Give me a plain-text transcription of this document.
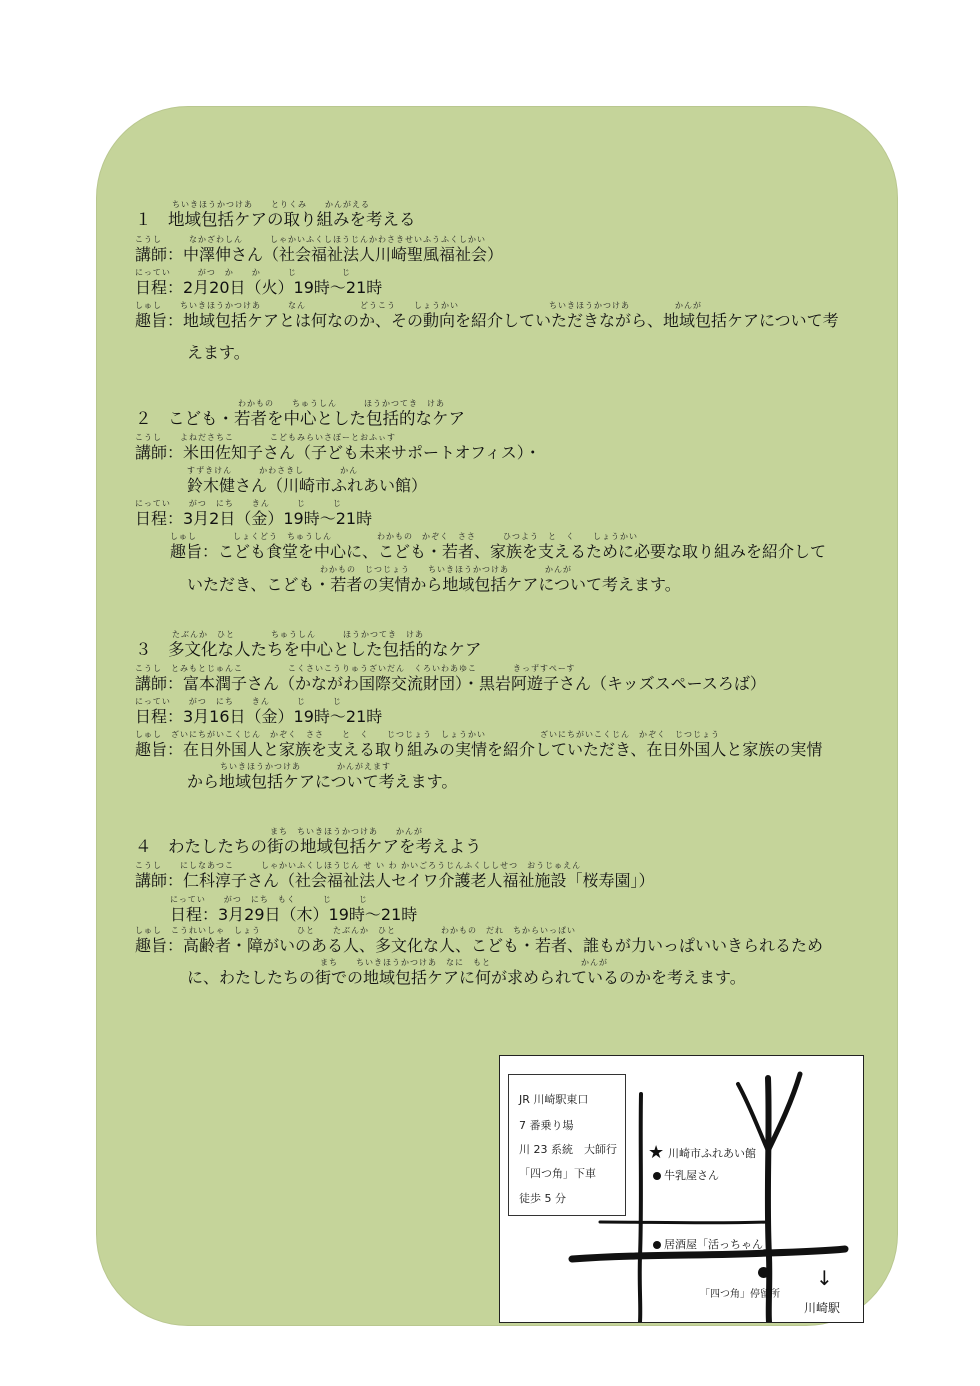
ちいきほうかつけあ　　とりくみ　　かんがえる
１　地域包括ケアの取り組みを考える
こうし　　　なかざわしん　　　しゃかいふくしほうじんかわさきせいふうふくしかい
講師：中澤伸さん（社会福祉法人川崎聖風福祉会）
にってい　　　がつ　か　　か　　　じ　　　　　じ
日程：2月20日（火）19時～21時
しゅし　　ちいきほうかつけあ　　　なん　　　　　　どうこう　　しょうかい　　　　　　　　　　ちいきほうかつけあ　　　　　かんが
趣旨：地域包括ケアとは何なのか、その動向を紹介していただきながら、地域包括ケアについて考
えます。
わかもの　　ちゅうしん　　　ほうかつてき　けあ
２　こども・若者を中心とした包括的なケア
こうし　　よねださちこ　　　　こどもみらいさぽーとおふぃす
講師：米田佐知子さん（子ども未来サポートオフィス）・
すずきけん　　　かわさきし　　　　かん
鈴木健さん（川崎市ふれあい館）
にってい　　がつ　にち　　きん　　　じ　　　じ
日程：3月2日（金）19時～21時
しゅし　　　　しょくどう　ちゅうしん　　　　　わかもの　かぞく　ささ　　　ひつよう　と　く　　しょうかい
趣旨：こども食堂を中心に、こども・若者、家族を支えるために必要な取り組みを紹介して
わかもの　じつじょう　　ちいきほうかつけあ　　　　かんが
いただき、こども・若者の実情から地域包括ケアについて考えます。
たぶんか　ひと　　　　ちゅうしん　　　ほうかつてき　けあ
３　多文化な人たちを中心とした包括的なケア
こうし　とみもとじゅんこ　　　　　こくさいこうりゅうざいだん　くろいわあゆこ　　　　きっずすぺーす
講師：富本潤子さん（かながわ国際交流財団）・黒岩阿遊子さん（キッズスペースろば）
にってい　　がつ　にち　　きん　　　じ　　　じ
日程：3月16日（金）19時～21時
しゅし　ざいにちがいこくじん　かぞく　ささ　　と　く　　じつじょう　しょうかい　　　　　　ざいにちがいこくじん　かぞく　じつじょう
趣旨：在日外国人と家族を支える取り組みの実情を紹介していただき、在日外国人と家族の実情
ちいきほうかつけあ　　　　かんがえます
から地域包括ケアについて考えます。
まち　ちいきほうかつけあ　　かんが
４　わたしたちの街の地域包括ケアを考えよう
こうし　　にしなあつこ　　　しゃかいふくしほうじん せ い わ かいごろうじんふくししせつ　おうじゅえん
講師：仁科淳子さん（社会福祉法人セイワ介護老人福祉施設「桜寿園」）
にってい　　がつ　にち　もく　　　じ　　　じ
日程：3月29日（木）19時～21時
しゅし　こうれいしゃ　しょう　　　　ひと　　たぶんか　ひと　　　　　わかもの　だれ　ちからいっぱい
趣旨：高齢者・障がいのある人、多文化な人、こども・若者、誰もが力いっぱいいきられるため
まち　　ちいきほうかつけあ　なに　もと　　　　　　　　　　かんが
に、わたしたちの街での地域包括ケアに何が求められているのかを考えます。
JR 川崎駅東口
7 番乗り場
川 23 系統　大師行
「四つ角」下車
徒歩 5 分
★ 川崎市ふれあい館
牛乳屋さん
居酒屋「活っちゃん」
「四つ角」停留所
↓
川崎駅
